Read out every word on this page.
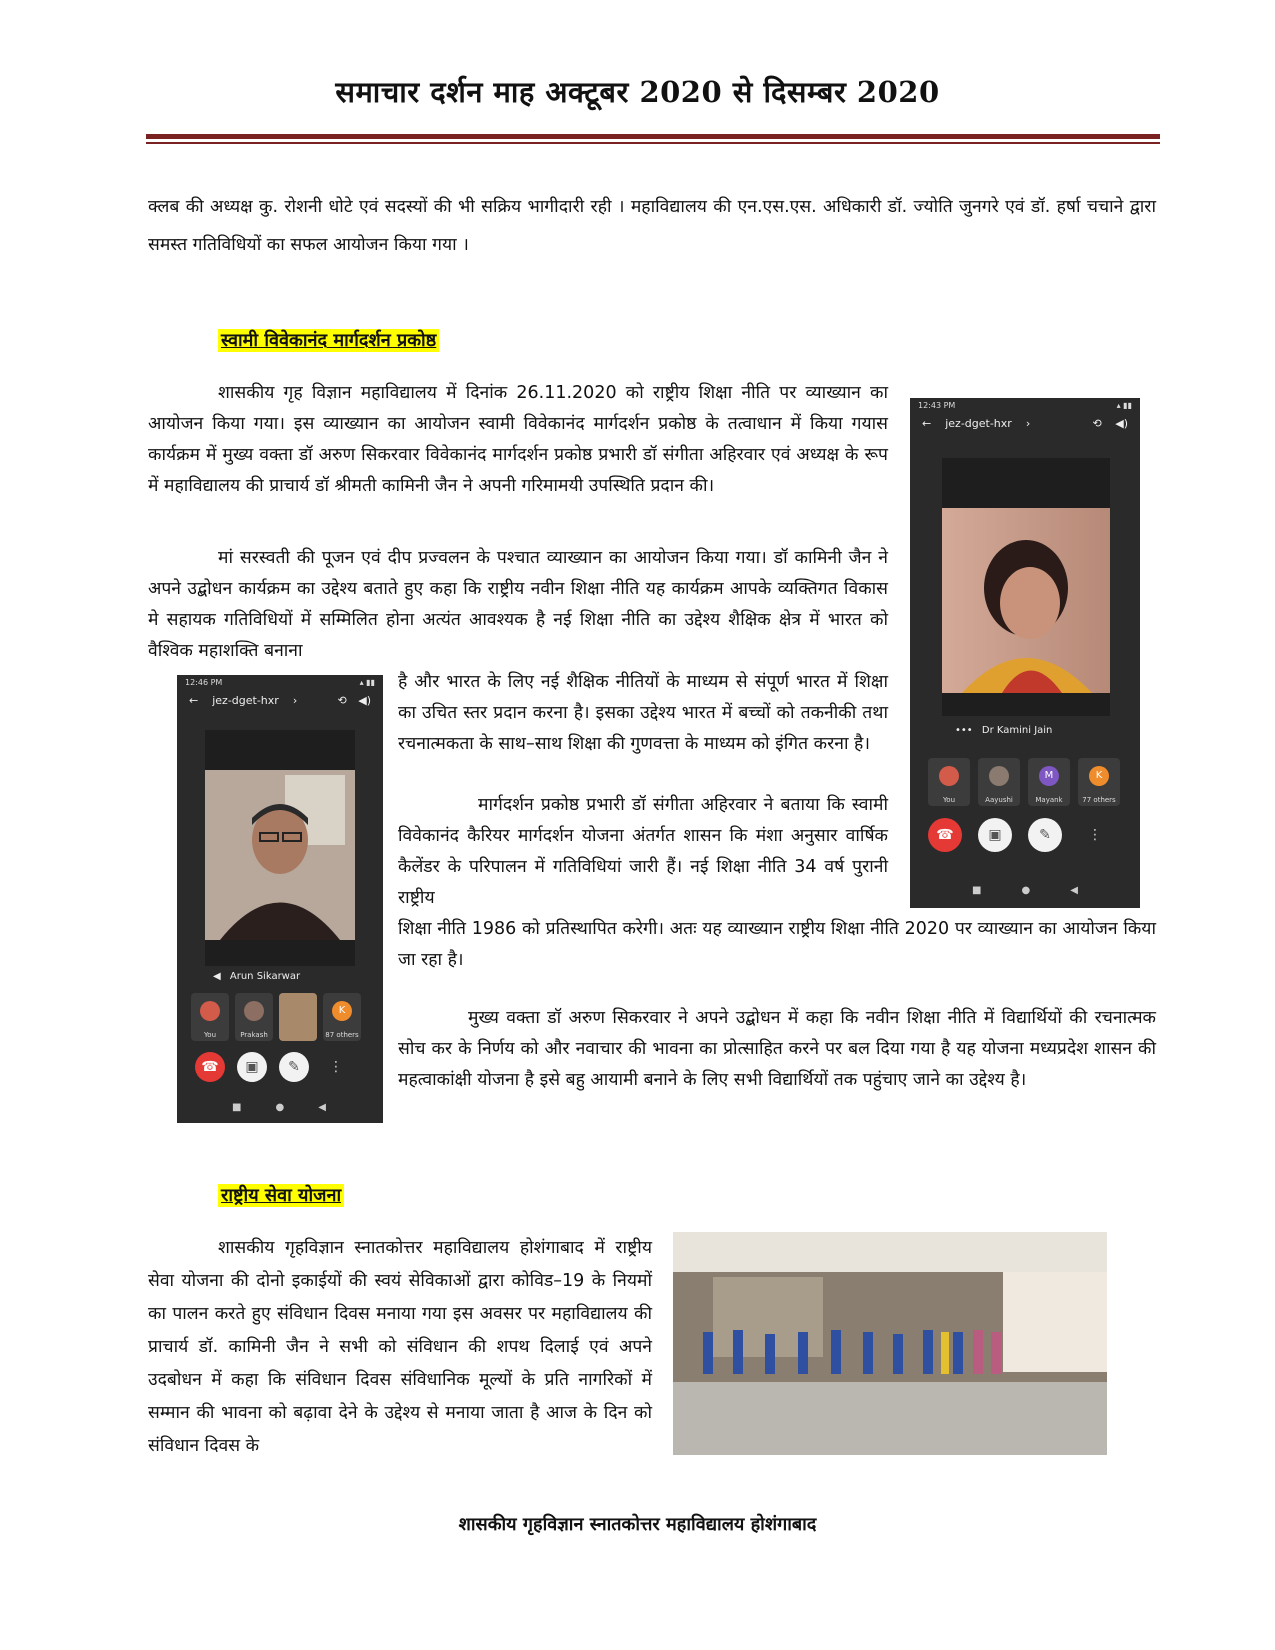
समाचार दर्शन माह अक्टूबर 2020 से दिसम्बर 2020

क्लब की अध्यक्ष कु. रोशनी धोटे एवं सदस्यों की भी सक्रिय भागीदारी रही । महाविद्यालय की एन.एस.एस. अधिकारी डॉ. ज्योति जुनगरे एवं डॉ. हर्षा चचाने द्वारा समस्त गतिविधियों का सफल आयोजन किया गया ।

स्वामी विवेकानंद मार्गदर्शन प्रकोष्ठ

शासकीय गृह विज्ञान महाविद्यालय में दिनांक 26.11.2020 को राष्ट्रीय शिक्षा नीति पर व्याख्यान का आयोजन किया गया। इस व्याख्यान का आयोजन स्वामी विवेकानंद मार्गदर्शन प्रकोष्ठ के तत्वाधान में किया गयास कार्यक्रम में मुख्य वक्ता डॉ अरुण सिकरवार विवेकानंद मार्गदर्शन प्रकोष्ठ प्रभारी डॉ संगीता अहिरवार एवं अध्यक्ष के रूप में महाविद्यालय की प्राचार्य डॉ श्रीमती कामिनी जैन ने अपनी गरिमामयी उपस्थिति प्रदान की।

मां सरस्वती की पूजन एवं दीप प्रज्वलन के पश्चात व्याख्यान का आयोजन किया गया। डॉ कामिनी जैन ने अपने उद्बोधन कार्यक्रम का उद्देश्य बताते हुए कहा कि राष्ट्रीय नवीन शिक्षा नीति यह कार्यक्रम आपके व्यक्तिगत विकास मे सहायक गतिविधियों में सम्मिलित होना अत्यंत आवश्यक है नई शिक्षा नीति का उद्देश्य शैक्षिक क्षेत्र में भारत को वैश्विक महाशक्ति बनाना

है और भारत के लिए नई शैक्षिक नीतियों के माध्यम से संपूर्ण भारत में शिक्षा का उचित स्तर प्रदान करना है। इसका उद्देश्य भारत में बच्चों को तकनीकी तथा रचनात्मकता के साथ–साथ शिक्षा की गुणवत्ता के माध्यम को इंगित करना है।

मार्गदर्शन प्रकोष्ठ प्रभारी डॉ संगीता अहिरवार ने बताया कि स्वामी विवेकानंद कैरियर मार्गदर्शन योजना अंतर्गत शासन कि मंशा अनुसार वार्षिक कैलेंडर के परिपालन में गतिविधियां जारी हैं। नई शिक्षा नीति 34 वर्ष पुरानी राष्ट्रीय

शिक्षा नीति 1986 को प्रतिस्थापित करेगी। अतः यह व्याख्यान राष्ट्रीय शिक्षा नीति 2020 पर व्याख्यान का आयोजन किया जा रहा है।

मुख्य वक्ता डॉ अरुण सिकरवार ने अपने उद्बोधन में कहा कि नवीन शिक्षा नीति में विद्यार्थियों की रचनात्मक सोच कर के निर्णय को और नवाचार की भावना का प्रोत्साहित करने पर बल दिया गया है यह योजना मध्यप्रदेश शासन की महत्वाकांक्षी योजना है इसे बहु आयामी बनाने के लिए सभी विद्यार्थियों तक पहुंचाए जाने का उद्देश्य है।

12:43 PM	▴ ▮▮
← jez-dget-hxr ›	⟲ ◀)
••• Dr Kamini Jain
You	Aayushi
M
Mayank
K
77 others
☎	▣	✎	⋮
■	●	◀
12:46 PM	▴ ▮▮
← jez-dget-hxr ›	⟲ ◀)
◀ Arun Sikarwar
You	Prakash
K
87 others
☎	▣	✎	⋮
■	●	◀
राष्ट्रीय सेवा योजना

शासकीय गृहविज्ञान स्नातकोत्तर महाविद्यालय होशंगाबाद में राष्ट्रीय सेवा योजना की दोनो इकाईयों की स्वयं सेविकाओं द्वारा कोविड–19 के नियमों का पालन करते हुए संविधान दिवस मनाया गया इस अवसर पर महाविद्यालय की प्राचार्य डॉ. कामिनी जैन ने सभी को संविधान की शपथ दिलाई एवं अपने उदबोधन में कहा कि संविधान दिवस संविधानिक मूल्यों के प्रति नागरिकों में सम्मान की भावना को बढ़ावा देने के उद्देश्य से मनाया जाता है आज के दिन को संविधान दिवस के

शासकीय गृहविज्ञान स्नातकोत्तर महाविद्यालय होशंगाबाद
